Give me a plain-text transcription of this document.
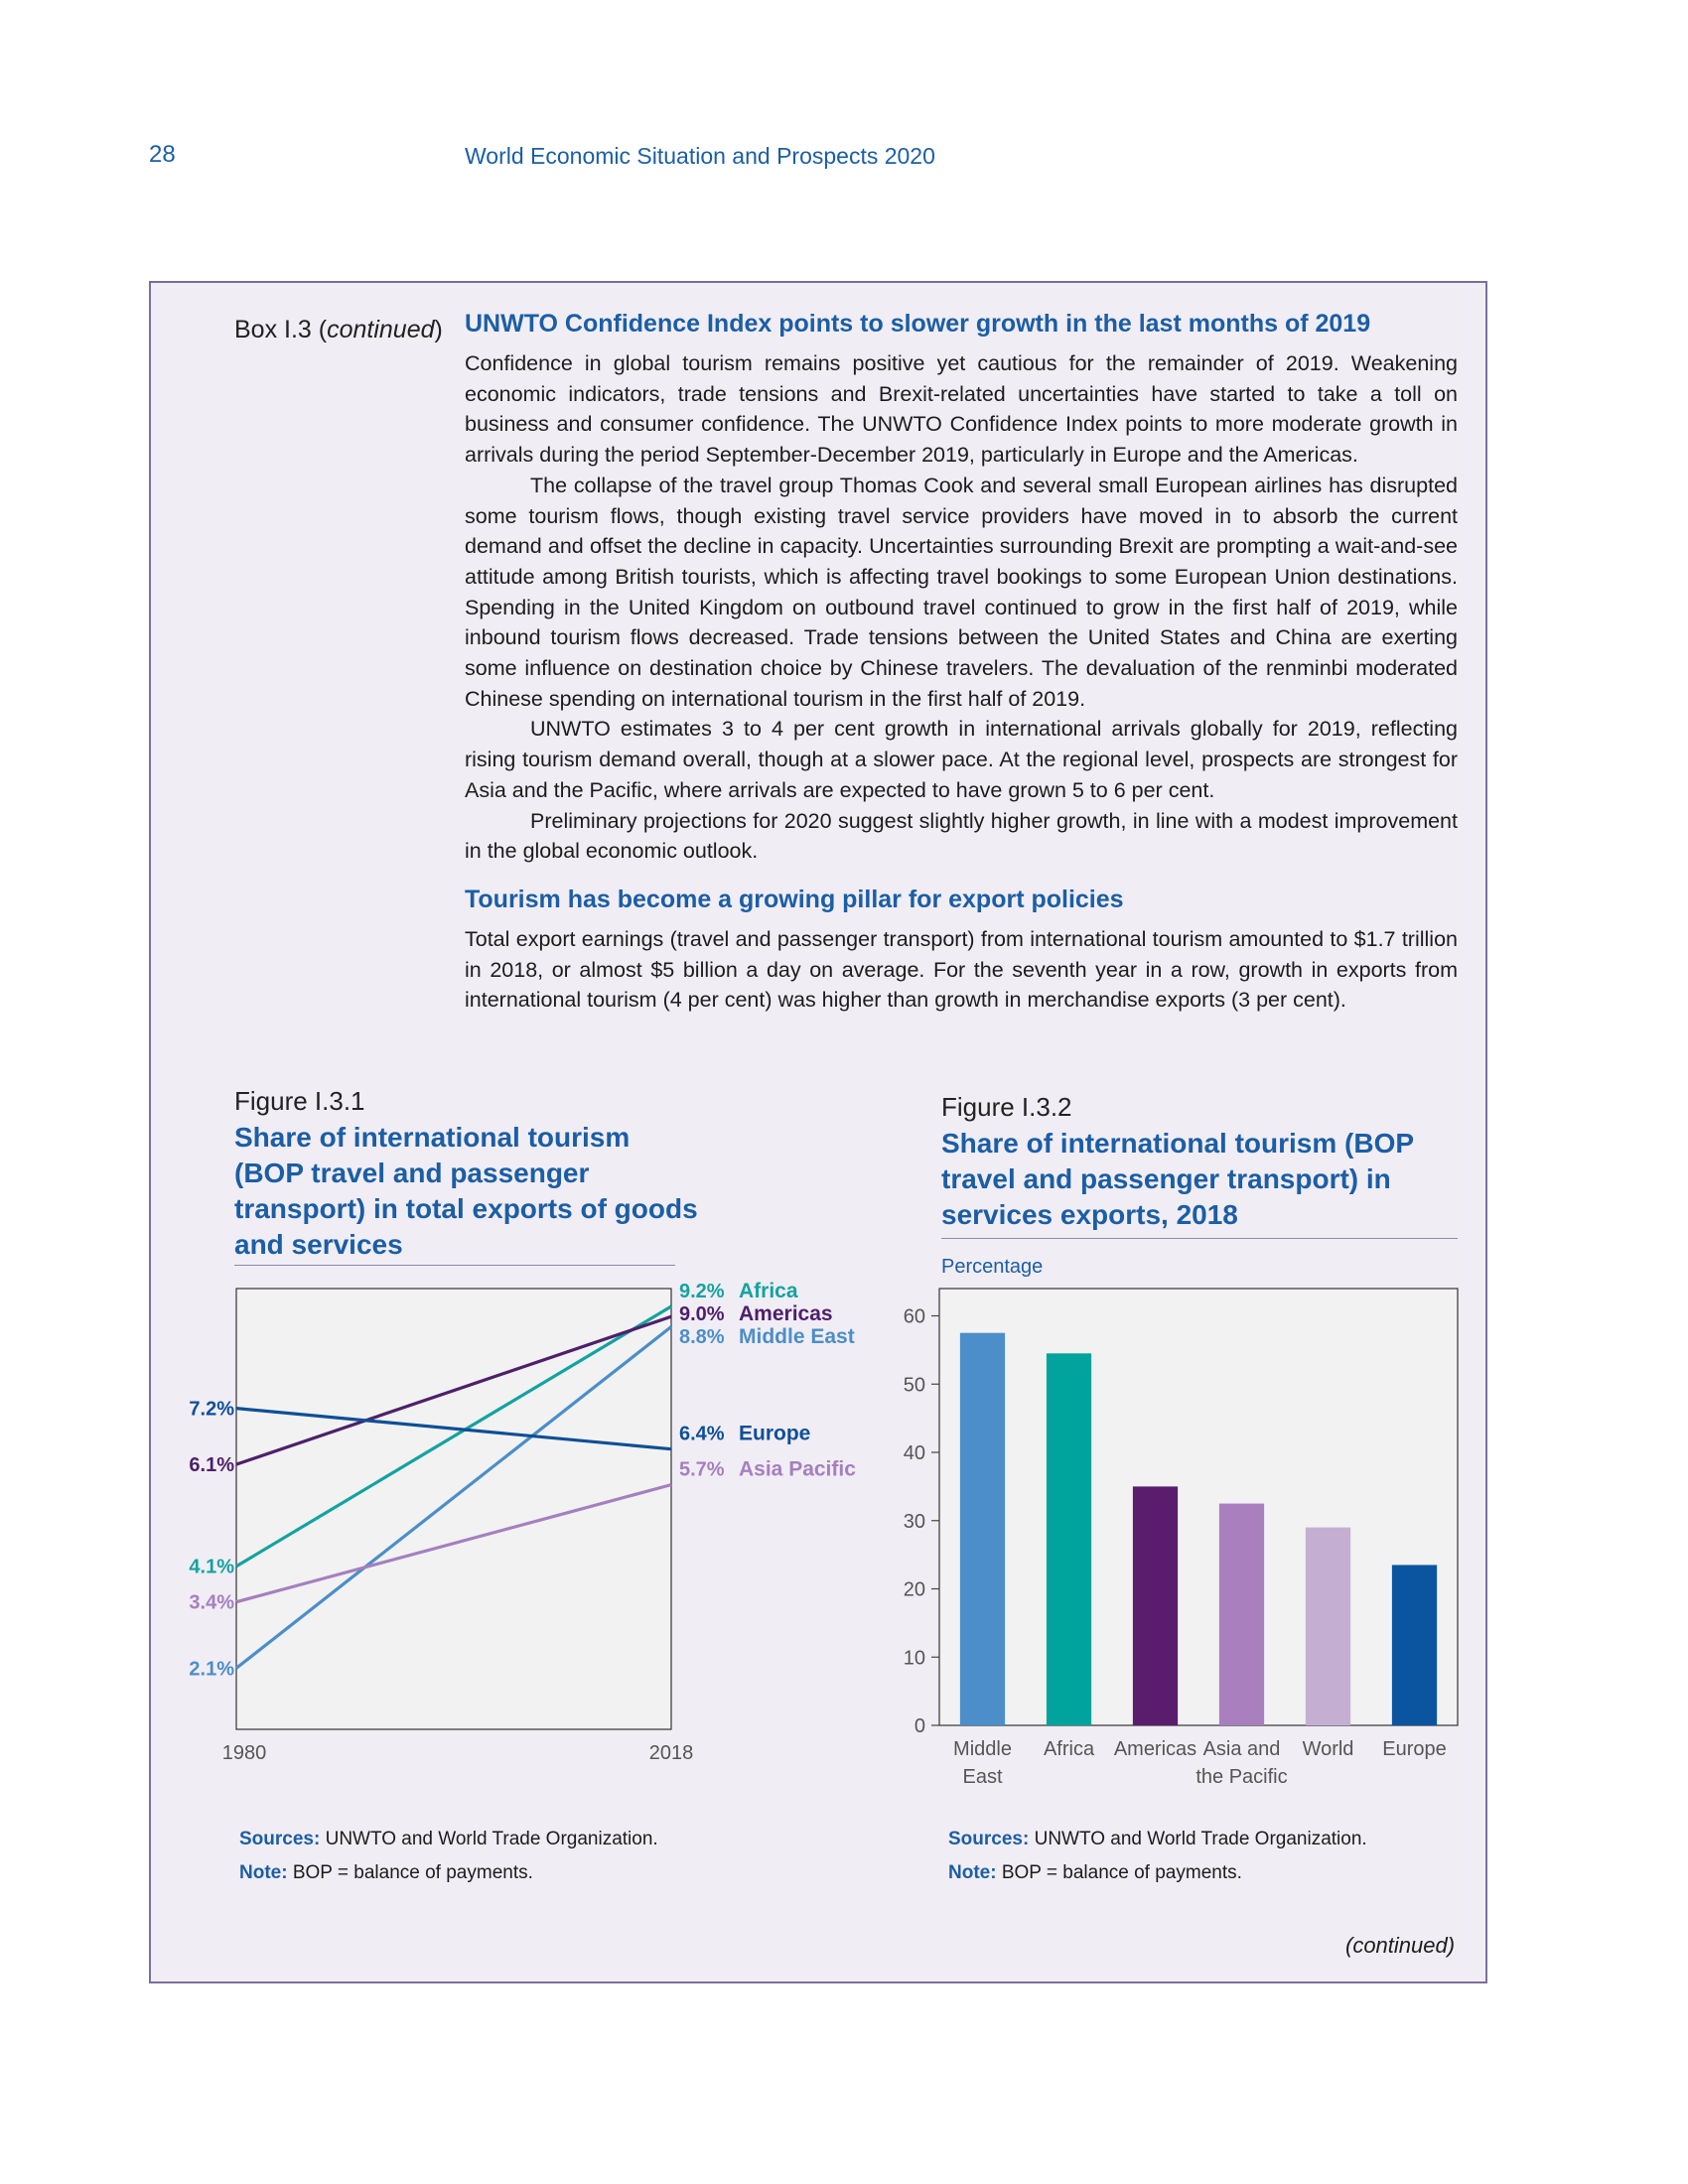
28	World Economic Situation and Prospects 2020
Box I.3 (continued) UNWTO Confidence Index points to slower growth in the last months of 2019

Confidence in global tourism remains positive yet cautious for the remainder of 2019. Weakening economic indicators, trade tensions and Brexit-related uncertainties have started to take a toll on business and consumer confidence. The UNWTO Confidence Index points to more moderate growth in arrivals during the period September-December 2019, particularly in Europe and the Americas.

The collapse of the travel group Thomas Cook and several small European airlines has disrupted some tourism flows, though existing travel service providers have moved in to absorb the current demand and offset the decline in capacity. Uncertainties surrounding Brexit are prompting a wait-and-see attitude among British tourists, which is affecting travel bookings to some European Union destinations. Spending in the United Kingdom on outbound travel continued to grow in the first half of 2019, while inbound tourism flows decreased. Trade tensions between the United States and China are exerting some influence on destination choice by Chinese travelers. The devaluation of the renminbi moderated Chinese spending on international tourism in the first half of 2019.

UNWTO estimates 3 to 4 per cent growth in international arrivals globally for 2019, reflecting rising tourism demand overall, though at a slower pace. At the regional level, prospects are strongest for Asia and the Pacific, where arrivals are expected to have grown 5 to 6 per cent.

Preliminary projections for 2020 suggest slightly higher growth, in line with a modest improvement in the global economic outlook.

Tourism has become a growing pillar for export policies

Total export earnings (travel and passenger transport) from international tourism amounted to $1.7 trillion in 2018, or almost $5 billion a day on average. For the seventh year in a row, growth in exports from international tourism (4 per cent) was higher than growth in merchandise exports (3 per cent).

Figure I.3.1
Share of international tourism (BOP travel and passenger transport) in total exports of goods and services
Figure I.3.2
Share of international tourism (BOP travel and passenger transport) in services exports, 2018
1980	2018
4.1%
9.2% Africa
6.1%
9.0% Americas
2.1%
8.8% Middle East
7.2%
6.4% Europe
3.4%
5.7% Asia Pacific
Percentage
0
10
20
30
40
50
60
Middle
East
Africa Americas Asia and
the Pacific
World Europe
Sources: UNWTO and World Trade Organization.
Note: BOP = balance of payments.
Sources: UNWTO and World Trade Organization.
Note: BOP = balance of payments.
(continued)
